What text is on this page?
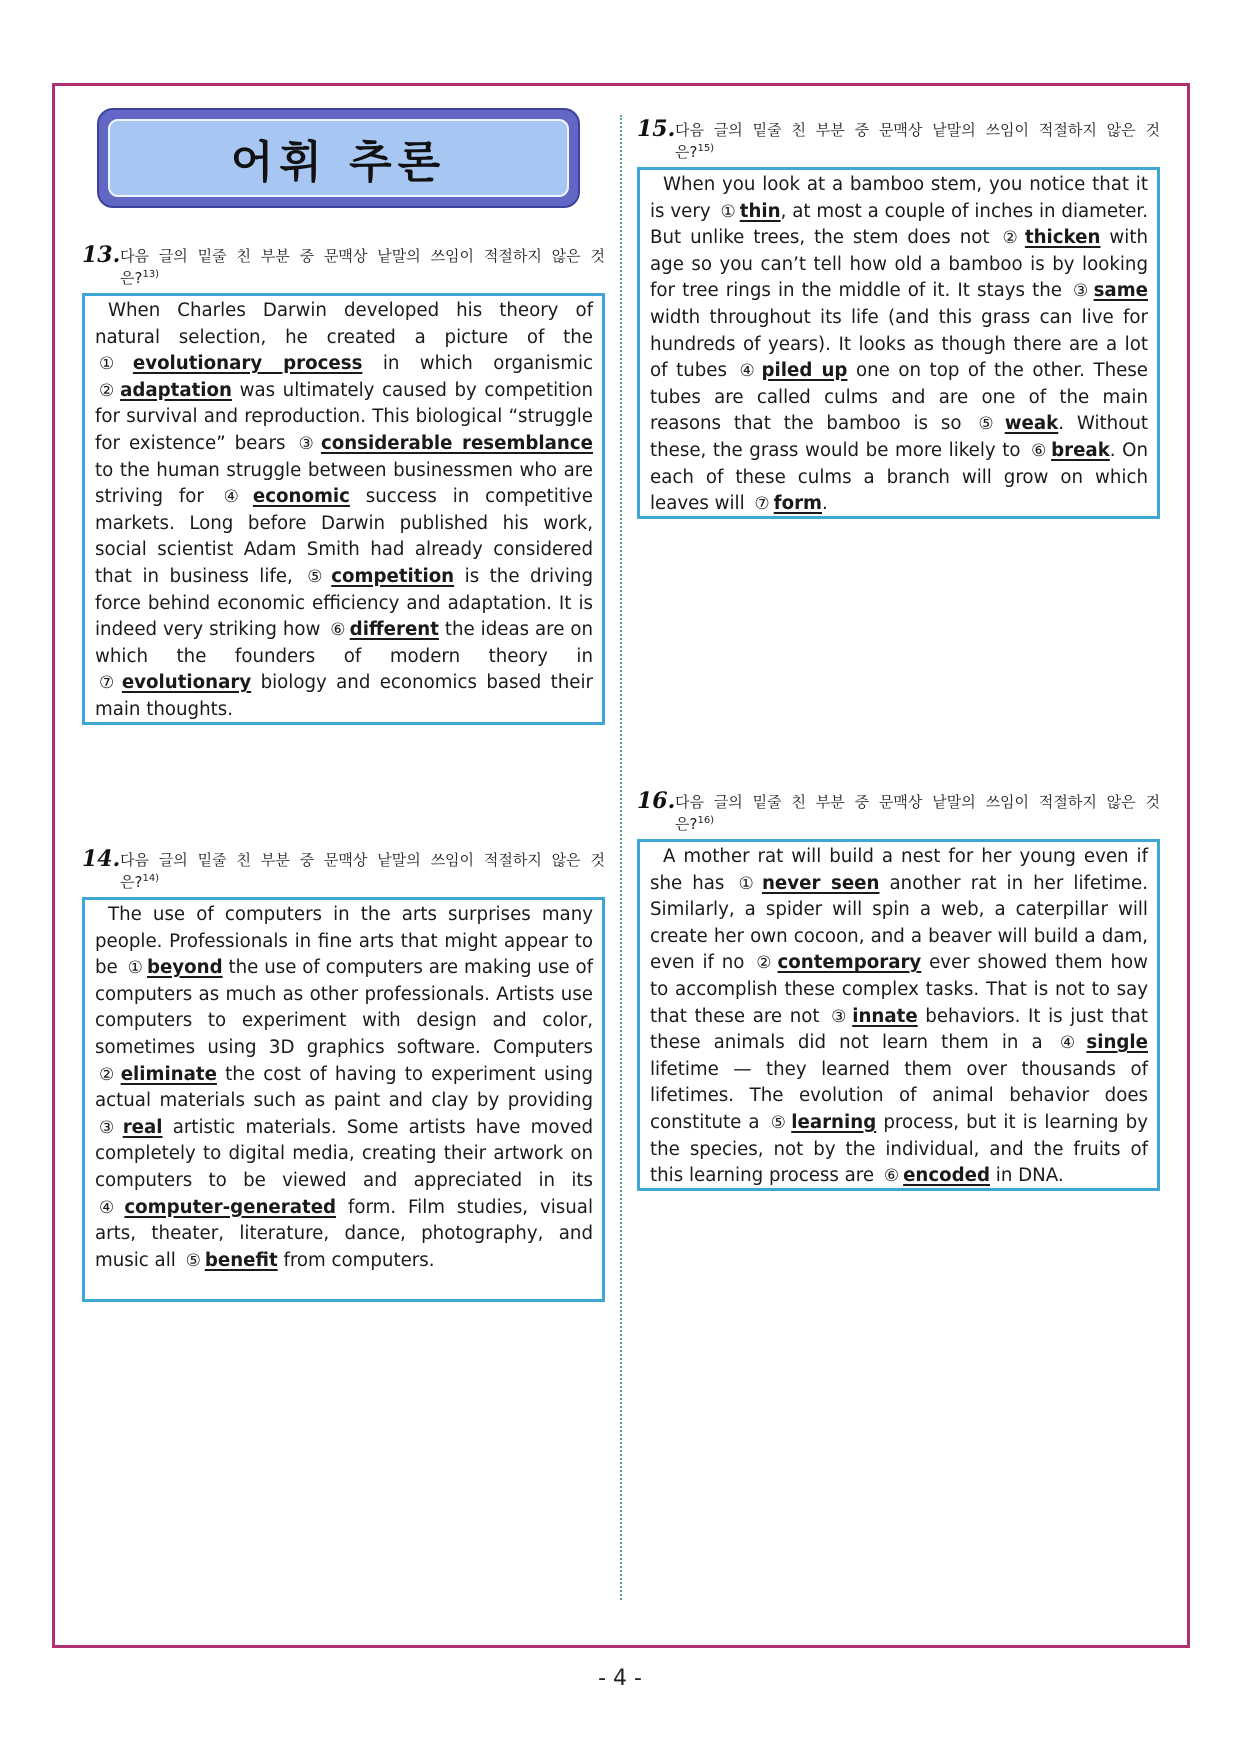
어휘 추론
13. 다음 글의 밑줄 친 부분 중 문맥상 낱말의 쓰임이 적절하지 않은 것
은?$^{13)}$

When Charles Darwin developed his theory of natural selection, he created a picture of the ① evolutionary process in which organismic ② adaptation was ultimately caused by competition for survival and reproduction. This biological “struggle for existence” bears ③ considerable resemblance to the human struggle between businessmen who are striving for ④ economic success in competitive markets. Long before Darwin published his work, social scientist Adam Smith had already considered that in business life, ⑤ competition is the driving force behind economic efficiency and adaptation. It is indeed very striking how ⑥ different the ideas are on which the founders of modern theory in ⑦ evolutionary biology and economics based their main thoughts.

14. 다음 글의 밑줄 친 부분 중 문맥상 낱말의 쓰임이 적절하지 않은 것
은?$^{14)}$

The use of computers in the arts surprises many people. Professionals in fine arts that might appear to be ① beyond the use of computers are making use of computers as much as other professionals. Artists use computers to experiment with design and color, sometimes using 3D graphics software. Computers ② eliminate the cost of having to experiment using actual materials such as paint and clay by providing ③ real artistic materials. Some artists have moved completely to digital media, creating their artwork on computers to be viewed and appreciated in its ④ computer-generated form. Film studies, visual arts, theater, literature, dance, photography, and music all ⑤ benefit from computers.

15. 다음 글의 밑줄 친 부분 중 문맥상 낱말의 쓰임이 적절하지 않은 것
은?$^{15)}$

When you look at a bamboo stem, you notice that it is very ① thin, at most a couple of inches in diameter. But unlike trees, the stem does not ② thicken with age so you can’t tell how old a bamboo is by looking for tree rings in the middle of it. It stays the ③ same width throughout its life (and this grass can live for hundreds of years). It looks as though there are a lot of tubes ④ piled up one on top of the other. These tubes are called culms and are one of the main reasons that the bamboo is so ⑤ weak. Without these, the grass would be more likely to ⑥ break. On each of these culms a branch will grow on which leaves will ⑦ form.

16. 다음 글의 밑줄 친 부분 중 문맥상 낱말의 쓰임이 적절하지 않은 것
은?$^{16)}$

A mother rat will build a nest for her young even if she has ① never seen another rat in her lifetime. Similarly, a spider will spin a web, a caterpillar will create her own cocoon, and a beaver will build a dam, even if no ② contemporary ever showed them how to accomplish these complex tasks. That is not to say that these are not ③ innate behaviors. It is just that these animals did not learn them in a ④ single lifetime — they learned them over thousands of lifetimes. The evolution of animal behavior does constitute a ⑤ learning process, but it is learning by the species, not by the individual, and the fruits of this learning process are ⑥ encoded in DNA.

- 4 -
